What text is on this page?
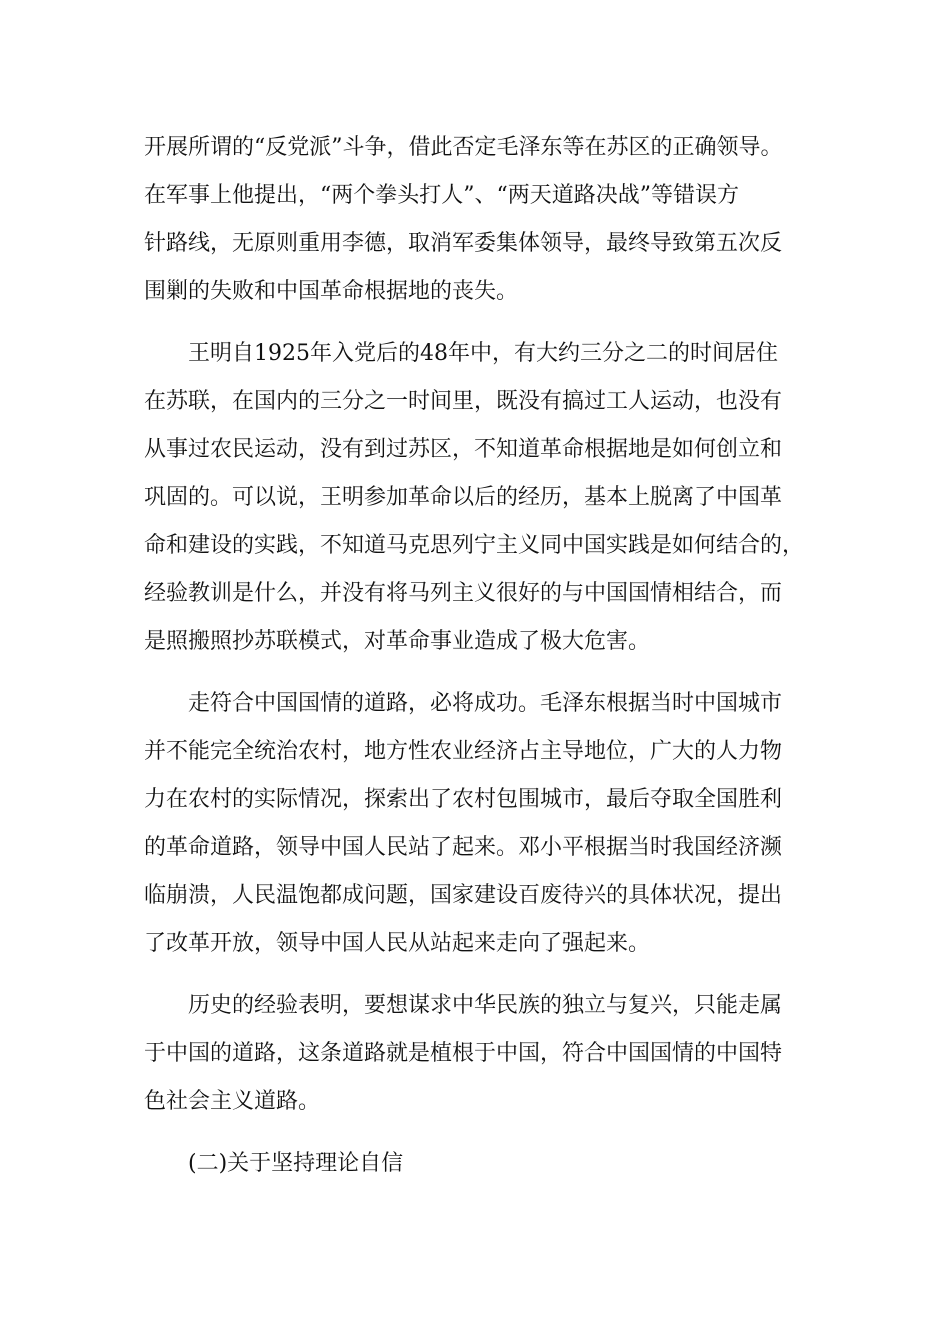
开展所谓的“反党派”斗争，借此否定毛泽东等在苏区的正确领导。
在军事上他提出，“两个拳头打人”、“两天道路决战”等错误方
针路线，无原则重用李德，取消军委集体领导，最终导致第五次反
围剿的失败和中国革命根据地的丧失。
　　王明自1925年入党后的48年中，有大约三分之二的时间居住
在苏联，在国内的三分之一时间里，既没有搞过工人运动，也没有
从事过农民运动，没有到过苏区，不知道革命根据地是如何创立和
巩固的。可以说，王明参加革命以后的经历，基本上脱离了中国革
命和建设的实践，不知道马克思列宁主义同中国实践是如何结合的，
经验教训是什么，并没有将马列主义很好的与中国国情相结合，而
是照搬照抄苏联模式，对革命事业造成了极大危害。
　　走符合中国国情的道路，必将成功。毛泽东根据当时中国城市
并不能完全统治农村，地方性农业经济占主导地位，广大的人力物
力在农村的实际情况，探索出了农村包围城市，最后夺取全国胜利
的革命道路，领导中国人民站了起来。邓小平根据当时我国经济濒
临崩溃，人民温饱都成问题，国家建设百废待兴的具体状况，提出
了改革开放，领导中国人民从站起来走向了强起来。
　　历史的经验表明，要想谋求中华民族的独立与复兴，只能走属
于中国的道路，这条道路就是植根于中国，符合中国国情的中国特
色社会主义道路。
　　(二)关于坚持理论自信
